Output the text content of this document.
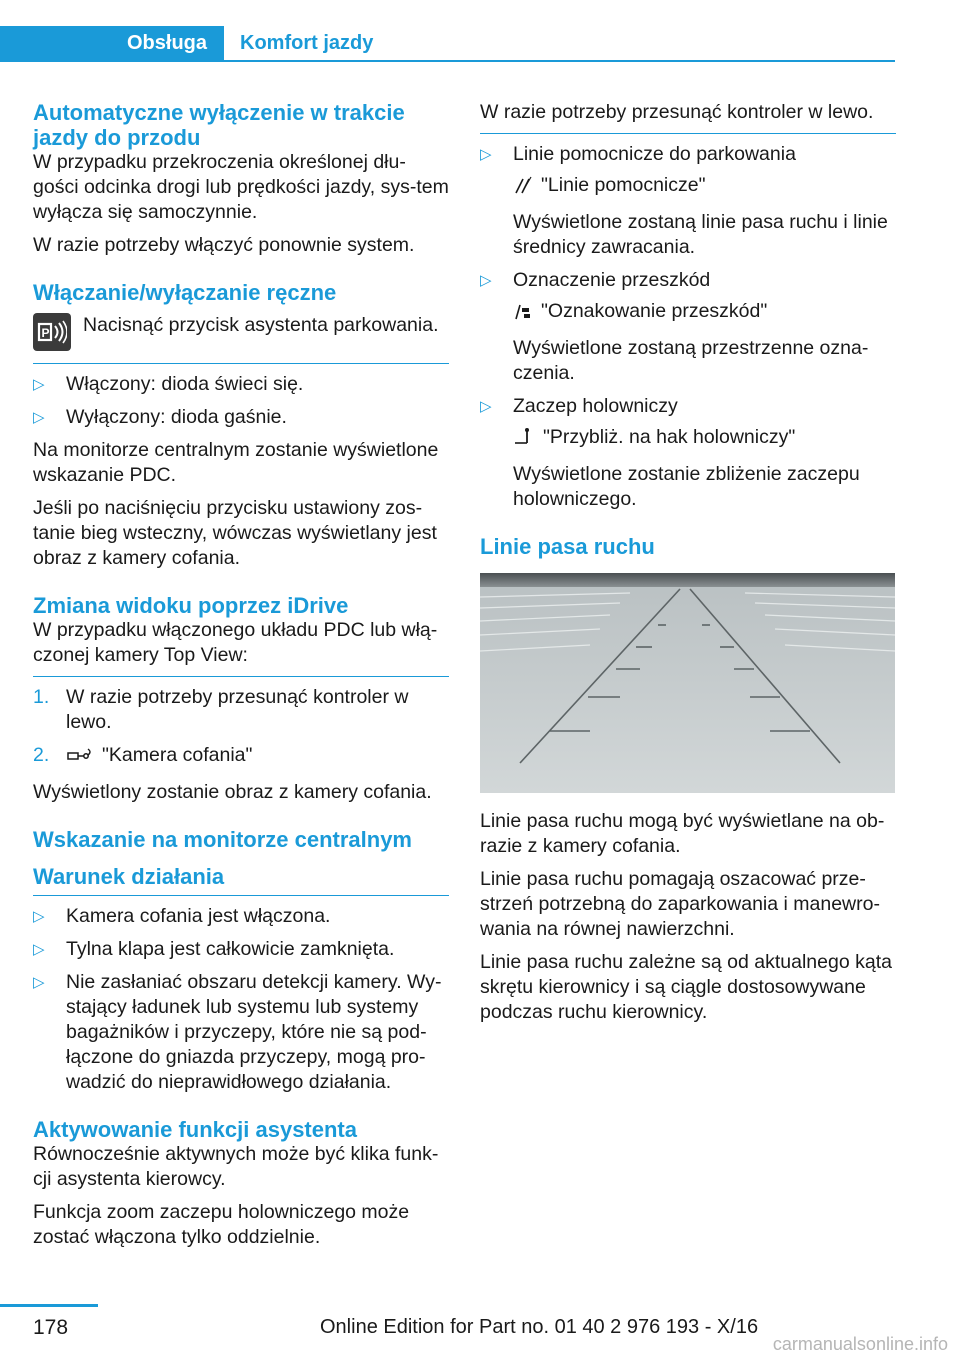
Obsługa Komfort jazdy
Automatyczne wyłączenie w trakcie jazdy do przodu

W przypadku przekroczenia określonej dłu‐gości odcinka drogi lub prędkości jazdy, sys‐tem wyłącza się samoczynnie.

W razie potrzeby włączyć ponownie system.

Włączanie/wyłączanie ręczne
P Nacisnąć przycisk asystenta parkowania.
▷ Włączony: dioda świeci się.
▷ Wyłączony: dioda gaśnie.

Na monitorze centralnym zostanie wyświetlone wskazanie PDC.

Jeśli po naciśnięciu przycisku ustawiony zos‐tanie bieg wsteczny, wówczas wyświetlany jest obraz z kamery cofania.

Zmiana widoku poprzez iDrive

W przypadku włączonego układu PDC lub włą‐czonej kamery Top View:

1. W razie potrzeby przesunąć kontroler w lewo.
2.	"Kamera cofania"

Wyświetlony zostanie obraz z kamery cofania.

Wskazanie na monitorze centralnym
Warunek działania
▷ Kamera cofania jest włączona.
▷ Tylna klapa jest całkowicie zamknięta.
▷ Nie zasłaniać obszaru detekcji kamery. Wy‐stający ładunek lub systemu lub systemy bagażników i przyczepy, które nie są pod‐łączone do gniazda przyczepy, mogą pro‐wadzić do nieprawidłowego działania.
Aktywowanie funkcji asystenta

Równocześnie aktywnych może być klika funk‐cji asystenta kierowcy.

Funkcja zoom zaczepu holowniczego może zostać włączona tylko oddzielnie.

W razie potrzeby przesunąć kontroler w lewo.

▷ Linie pomocnicze do parkowania
"Linie pomocnicze"
Wyświetlone zostaną linie pasa ruchu i linie średnicy zawracania.
▷ Oznaczenie przeszkód
"Oznakowanie przeszkód"
Wyświetlone zostaną przestrzenne ozna‐czenia.
▷ Zaczep holowniczy
"Przybliż. na hak holowniczy"
Wyświetlone zostanie zbliżenie zaczepu holowniczego.
Linie pasa ruchu

Linie pasa ruchu mogą być wyświetlane na ob‐razie z kamery cofania.

Linie pasa ruchu pomagają oszacować prze‐strzeń potrzebną do zaparkowania i manewro‐wania na równej nawierzchni.

Linie pasa ruchu zależne są od aktualnego kąta skrętu kierownicy i są ciągle dostosowywane podczas ruchu kierownicy.

178	Online Edition for Part no. 01 40 2 976 193 - X/16
carmanualsonline.info
